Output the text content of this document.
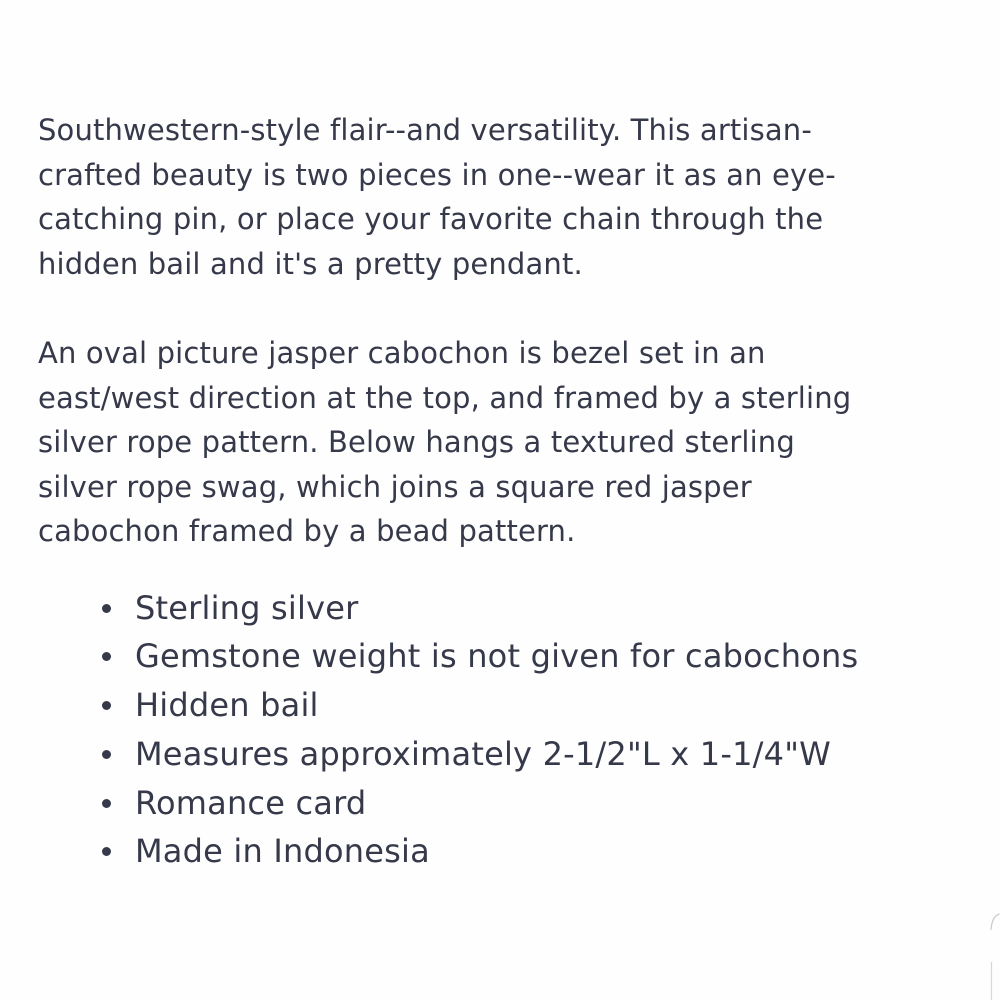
Southwestern-style flair--and versatility. This artisan-
crafted beauty is two pieces in one--wear it as an eye-
catching pin, or place your favorite chain through the
hidden bail and it's a pretty pendant.

An oval picture jasper cabochon is bezel set in an
east/west direction at the top, and framed by a sterling
silver rope pattern. Below hangs a textured sterling
silver rope swag, which joins a square red jasper
cabochon framed by a bead pattern.

Sterling silver
Gemstone weight is not given for cabochons
Hidden bail
Measures approximately 2-1/2"L x 1-1/4"W
Romance card
Made in Indonesia
